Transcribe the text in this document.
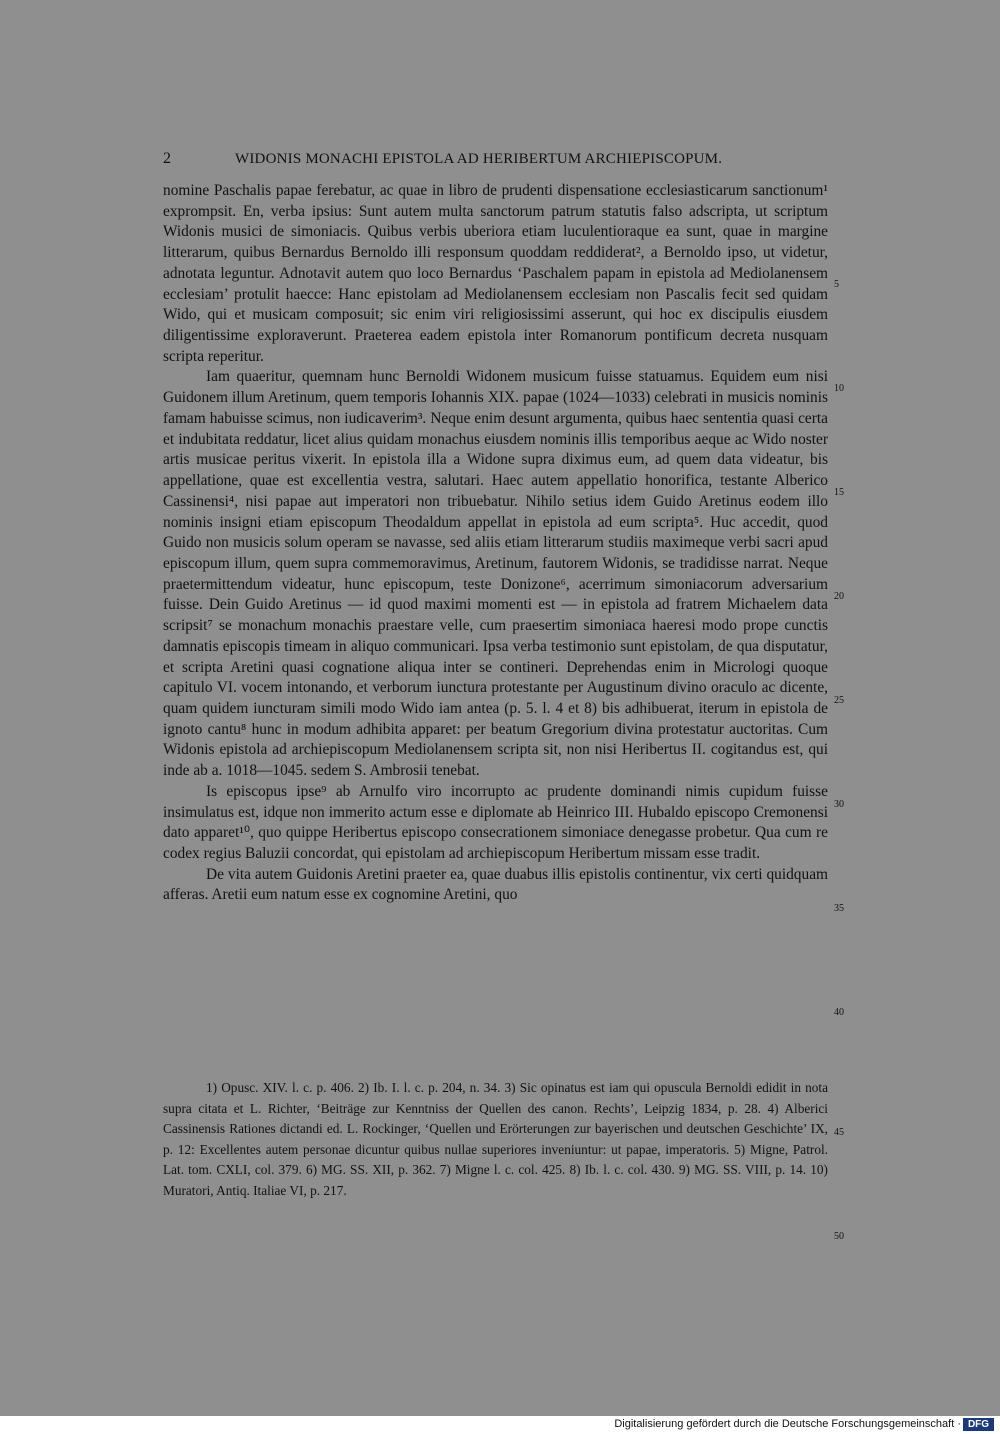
2	WIDONIS MONACHI EPISTOLA AD HERIBERTUM ARCHIEPISCOPUM.

nomine Paschalis papae ferebatur, ac quae in libro de prudenti dispensatione ecclesiasticarum sanctionum¹ exprompsit. En, verba ipsius: Sunt autem multa sanctorum patrum statutis falso adscripta, ut scriptum Widonis musici de simoniacis. Quibus verbis uberiora etiam luculentioraque ea sunt, quae in margine litterarum, quibus Bernardus Bernoldo illi responsum quoddam reddiderat², a Bernoldo ipso, ut videtur, adnotata leguntur. Adnotavit autem quo loco Bernardus ‘Paschalem papam in epistola ad Mediolanensem ecclesiam’ protulit haecce: Hanc epistolam ad Mediolanensem ecclesiam non Pascalis fecit sed quidam Wido, qui et musicam composuit; sic enim viri religiosissimi asserunt, qui hoc ex discipulis eiusdem diligentissime exploraverunt. Praeterea eadem epistola inter Romanorum pontificum decreta nusquam scripta reperitur.

Iam quaeritur, quemnam hunc Bernoldi Widonem musicum fuisse statuamus. Equidem eum nisi Guidonem illum Aretinum, quem temporis Iohannis XIX. papae (1024—1033) celebrati in musicis nominis famam habuisse scimus, non iudicaverim³. Neque enim desunt argumenta, quibus haec sententia quasi certa et indubitata reddatur, licet alius quidam monachus eiusdem nominis illis temporibus aeque ac Wido noster artis musicae peritus vixerit. In epistola illa a Widone supra diximus eum, ad quem data videatur, bis appellatione, quae est excellentia vestra, salutari. Haec autem appellatio honorifica, testante Alberico Cassinensi⁴, nisi papae aut imperatori non tribuebatur. Nihilo setius idem Guido Aretinus eodem illo nominis insigni etiam episcopum Theodaldum appellat in epistola ad eum scripta⁵. Huc accedit, quod Guido non musicis solum operam se navasse, sed aliis etiam litterarum studiis maximeque verbi sacri apud episcopum illum, quem supra commemoravimus, Aretinum, fautorem Widonis, se tradidisse narrat. Neque praetermittendum videatur, hunc episcopum, teste Donizone⁶, acerrimum simoniacorum adversarium fuisse. Dein Guido Aretinus — id quod maximi momenti est — in epistola ad fratrem Michaelem data scripsit⁷ se monachum monachis praestare velle, cum praesertim simoniaca haeresi modo prope cunctis damnatis episcopis timeam in aliquo communicari. Ipsa verba testimonio sunt epistolam, de qua disputatur, et scripta Aretini quasi cognatione aliqua inter se contineri. Deprehendas enim in Micrologi quoque capitulo VI. vocem intonando, et verborum iunctura protestante per Augustinum divino oraculo ac dicente, quam quidem iuncturam simili modo Wido iam antea (p. 5. l. 4 et 8) bis adhibuerat, iterum in epistola de ignoto cantu⁸ hunc in modum adhibita apparet: per beatum Gregorium divina protestatur auctoritas. Cum Widonis epistola ad archiepiscopum Mediolanensem scripta sit, non nisi Heribertus II. cogitandus est, qui inde ab a. 1018—1045. sedem S. Ambrosii tenebat.

Is episcopus ipse⁹ ab Arnulfo viro incorrupto ac prudente dominandi nimis cupidum fuisse insimulatus est, idque non immerito actum esse e diplomate ab Heinrico III. Hubaldo episcopo Cremonensi dato apparet¹⁰, quo quippe Heribertus episcopo consecrationem simoniace denegasse probetur. Qua cum re codex regius Baluzii concordat, qui epistolam ad archiepiscopum Heribertum missam esse tradit.

De vita autem Guidonis Aretini praeter ea, quae duabus illis epistolis continentur, vix certi quidquam afferas. Aretii eum natum esse ex cognomine Aretini, quo

1) Opusc. XIV. l. c. p. 406. 2) Ib. I. l. c. p. 204, n. 34. 3) Sic opinatus est iam qui opuscula Bernoldi edidit in nota supra citata et L. Richter, ‘Beiträge zur Kenntniss der Quellen des canon. Rechts’, Leipzig 1834, p. 28. 4) Alberici Cassinensis Rationes dictandi ed. L. Rockinger, ‘Quellen und Erörterungen zur bayerischen und deutschen Geschichte’ IX, p. 12: Excellentes autem personae dicuntur quibus nullae superiores inveniuntur: ut papae, imperatoris. 5) Migne, Patrol. Lat. tom. CXLI, col. 379. 6) MG. SS. XII, p. 362. 7) Migne l. c. col. 425. 8) Ib. l. c. col. 430. 9) MG. SS. VIII, p. 14. 10) Muratori, Antiq. Italiae VI, p. 217.

5
10
15
20
25
30
35
40
45
50
Digitalisierung gefördert durch die Deutsche Forschungsgemeinschaft · DFG
